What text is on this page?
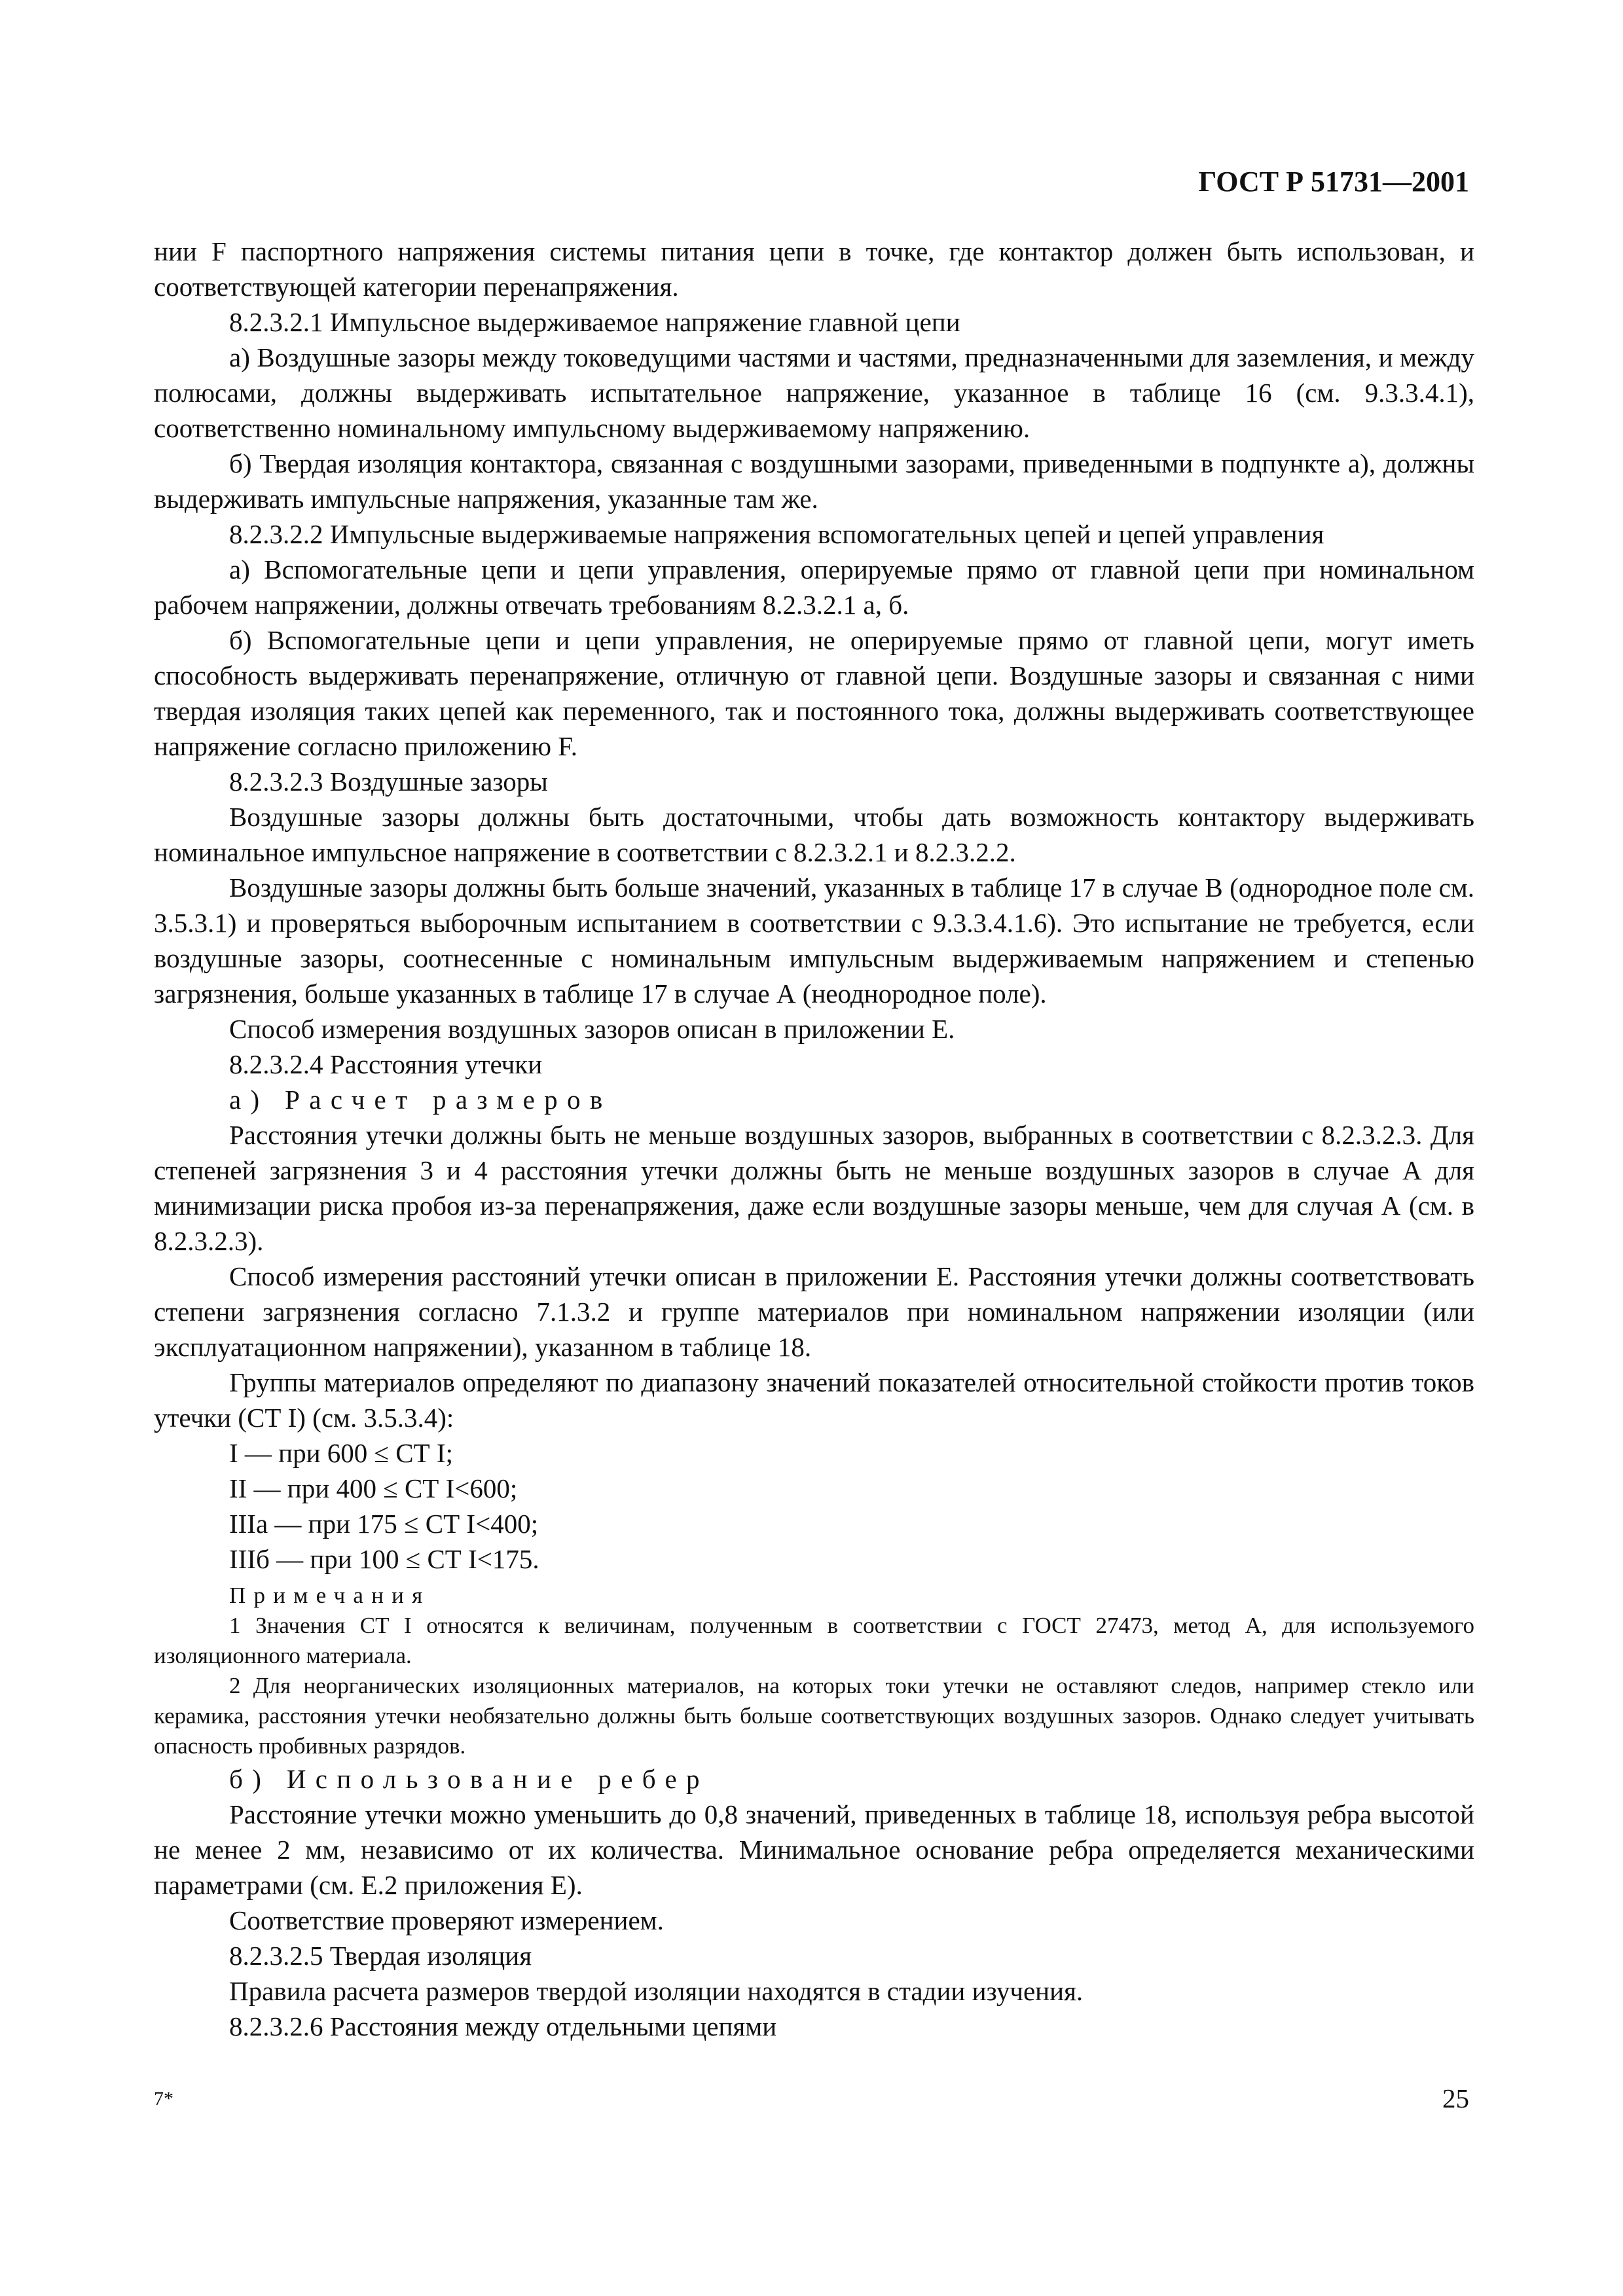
ГОСТ Р 51731—2001

нии F паспортного напряжения системы питания цепи в точке, где контактор должен быть использован, и соответствующей категории перенапряжения.

8.2.3.2.1 Импульсное выдерживаемое напряжение главной цепи

а) Воздушные зазоры между токоведущими частями и частями, предназначенными для заземления, и между полюсами, должны выдерживать испытательное напряжение, указанное в таблице 16 (см. 9.3.3.4.1), соответственно номинальному импульсному выдерживаемому напряжению.

б) Твердая изоляция контактора, связанная с воздушными зазорами, приведенными в подпункте а), должны выдерживать импульсные напряжения, указанные там же.

8.2.3.2.2 Импульсные выдерживаемые напряжения вспомогательных цепей и цепей управления

а) Вспомогательные цепи и цепи управления, оперируемые прямо от главной цепи при номинальном рабочем напряжении, должны отвечать требованиям 8.2.3.2.1 а, б.

б) Вспомогательные цепи и цепи управления, не оперируемые прямо от главной цепи, могут иметь способность выдерживать перенапряжение, отличную от главной цепи. Воздушные зазоры и связанная с ними твердая изоляция таких цепей как переменного, так и постоянного тока, должны выдерживать соответствующее напряжение согласно приложению F.

8.2.3.2.3 Воздушные зазоры

Воздушные зазоры должны быть достаточными, чтобы дать возможность контактору выдерживать номинальное импульсное напряжение в соответствии с 8.2.3.2.1 и 8.2.3.2.2.

Воздушные зазоры должны быть больше значений, указанных в таблице 17 в случае В (однородное поле см. 3.5.3.1) и проверяться выборочным испытанием в соответствии с 9.3.3.4.1.6). Это испытание не требуется, если воздушные зазоры, соотнесенные с номинальным импульсным выдерживаемым напряжением и степенью загрязнения, больше указанных в таблице 17 в случае А (неоднородное поле).

Способ измерения воздушных зазоров описан в приложении Е.

8.2.3.2.4 Расстояния утечки

а) Расчет размеров

Расстояния утечки должны быть не меньше воздушных зазоров, выбранных в соответствии с 8.2.3.2.3. Для степеней загрязнения 3 и 4 расстояния утечки должны быть не меньше воздушных зазоров в случае А для минимизации риска пробоя из-за перенапряжения, даже если воздушные зазоры меньше, чем для случая А (см. в 8.2.3.2.3).

Способ измерения расстояний утечки описан в приложении Е. Расстояния утечки должны соответствовать степени загрязнения согласно 7.1.3.2 и группе материалов при номинальном напряжении изоляции (или эксплуатационном напряжении), указанном в таблице 18.

Группы материалов определяют по диапазону значений показателей относительной стойкости против токов утечки (СТ I) (см. 3.5.3.4):

I — при 600 ≤ СТ I;

II — при 400 ≤ СТ I<600;

IIIa — при 175 ≤ СТ I<400;

IIIб — при 100 ≤ СТ I<175.

Примечания

1 Значения СТ I относятся к величинам, полученным в соответствии с ГОСТ 27473, метод А, для используемого изоляционного материала.

2 Для неорганических изоляционных материалов, на которых токи утечки не оставляют следов, например стекло или керамика, расстояния утечки необязательно должны быть больше соответствующих воздушных зазоров. Однако следует учитывать опасность пробивных разрядов.

б) Использование ребер

Расстояние утечки можно уменьшить до 0,8 значений, приведенных в таблице 18, используя ребра высотой не менее 2 мм, независимо от их количества. Минимальное основание ребра определяется механическими параметрами (см. Е.2 приложения Е).

Соответствие проверяют измерением.

8.2.3.2.5 Твердая изоляция

Правила расчета размеров твердой изоляции находятся в стадии изучения.

8.2.3.2.6 Расстояния между отдельными цепями

7*	25
